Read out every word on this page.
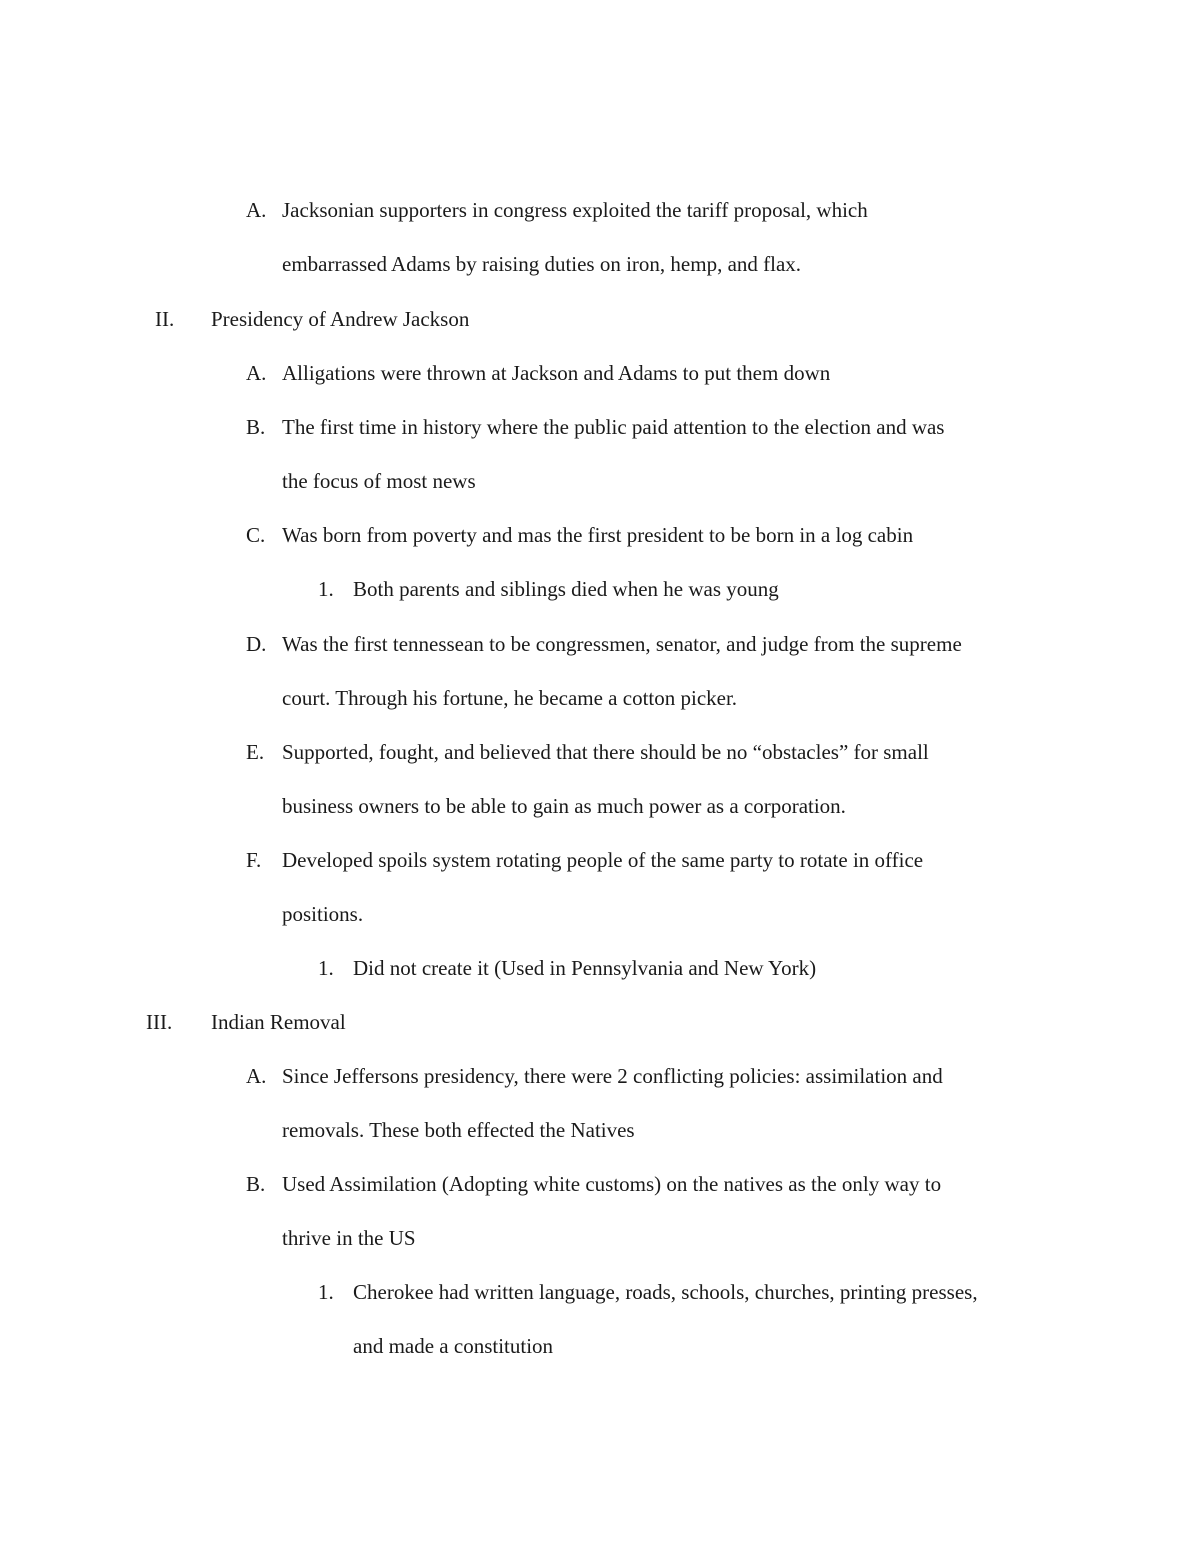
A. Jacksonian supporters in congress exploited the tariff proposal, which
embarrassed Adams by raising duties on iron, hemp, and flax.
II. Presidency of Andrew Jackson
A. Alligations were thrown at Jackson and Adams to put them down
B. The first time in history where the public paid attention to the election and was
the focus of most news
C. Was born from poverty and mas the first president to be born in a log cabin
1. Both parents and siblings died when he was young
D. Was the first tennessean to be congressmen, senator, and judge from the supreme
court. Through his fortune, he became a cotton picker.
E. Supported, fought, and believed that there should be no “obstacles” for small
business owners to be able to gain as much power as a corporation.
F. Developed spoils system rotating people of the same party to rotate in office
positions.
1. Did not create it (Used in Pennsylvania and New York)
III. Indian Removal
A. Since Jeffersons presidency, there were 2 conflicting policies: assimilation and
removals. These both effected the Natives
B. Used Assimilation (Adopting white customs) on the natives as the only way to
thrive in the US
1. Cherokee had written language, roads, schools, churches, printing presses,
and made a constitution
